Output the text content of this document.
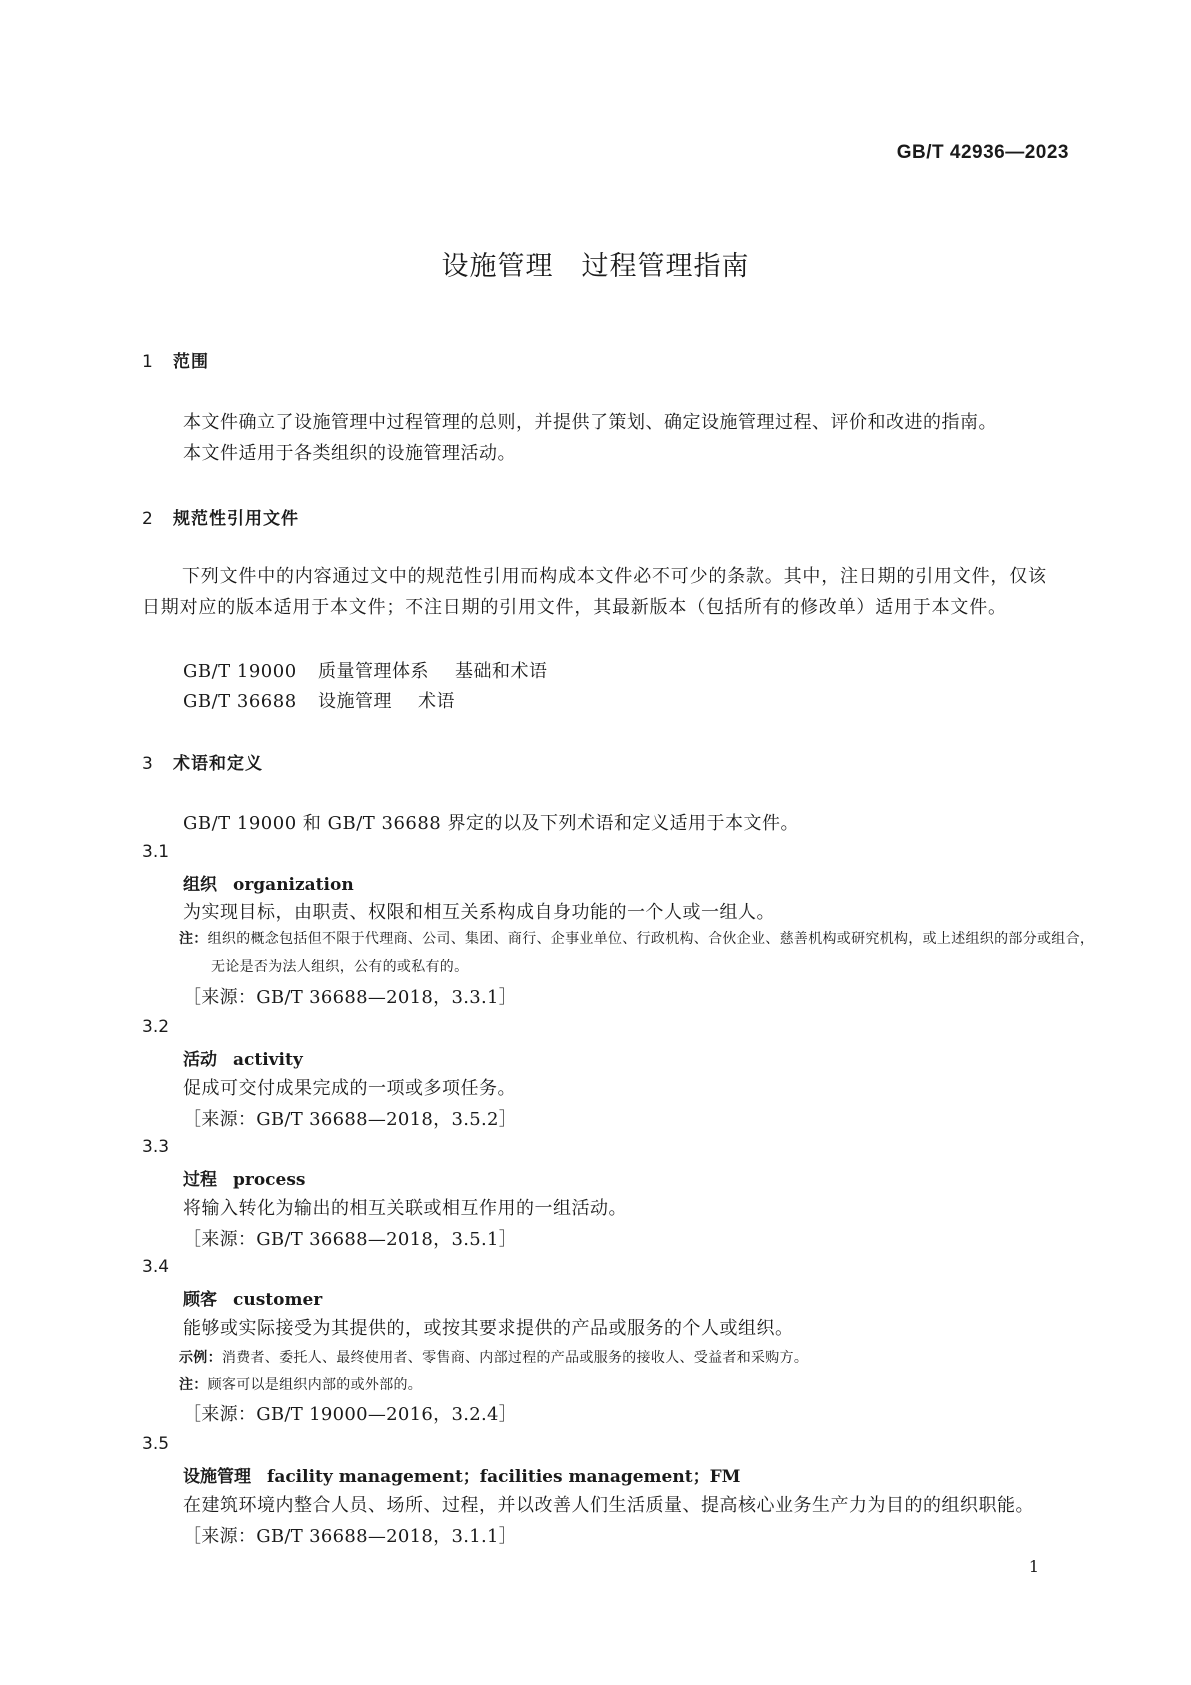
GB/T 42936—2023
设施管理　过程管理指南
1 范围
本文件确立了设施管理中过程管理的总则，并提供了策划、确定设施管理过程、评价和改进的指南。
本文件适用于各类组织的设施管理活动。
2 规范性引用文件
下列文件中的内容通过文中的规范性引用而构成本文件必不可少的条款。其中，注日期的引用文件，仅该日期对应的版本适用于本文件；不注日期的引用文件，其最新版本（包括所有的修改单）适用于本文件。
GB/T 19000 质量管理体系 基础和术语
GB/T 36688 设施管理 术语
3 术语和定义
GB/T 19000 和 GB/T 36688 界定的以及下列术语和定义适用于本文件。
3.1
组织 organization
为实现目标，由职责、权限和相互关系构成自身功能的一个人或一组人。
注：组织的概念包括但不限于代理商、公司、集团、商行、企事业单位、行政机构、合伙企业、慈善机构或研究机构，或上述组织的部分或组合，无论是否为法人组织，公有的或私有的。
［来源：GB/T 36688—2018，3.3.1］
3.2
活动 activity
促成可交付成果完成的一项或多项任务。
［来源：GB/T 36688—2018，3.5.2］
3.3
过程 process
将输入转化为输出的相互关联或相互作用的一组活动。
［来源：GB/T 36688—2018，3.5.1］
3.4
顾客 customer
能够或实际接受为其提供的，或按其要求提供的产品或服务的个人或组织。
示例：消费者、委托人、最终使用者、零售商、内部过程的产品或服务的接收人、受益者和采购方。
注：顾客可以是组织内部的或外部的。
［来源：GB/T 19000—2016，3.2.4］
3.5
设施管理 facility management；facilities management；FM
在建筑环境内整合人员、场所、过程，并以改善人们生活质量、提高核心业务生产力为目的的组织职能。
［来源：GB/T 36688—2018，3.1.1］
1
